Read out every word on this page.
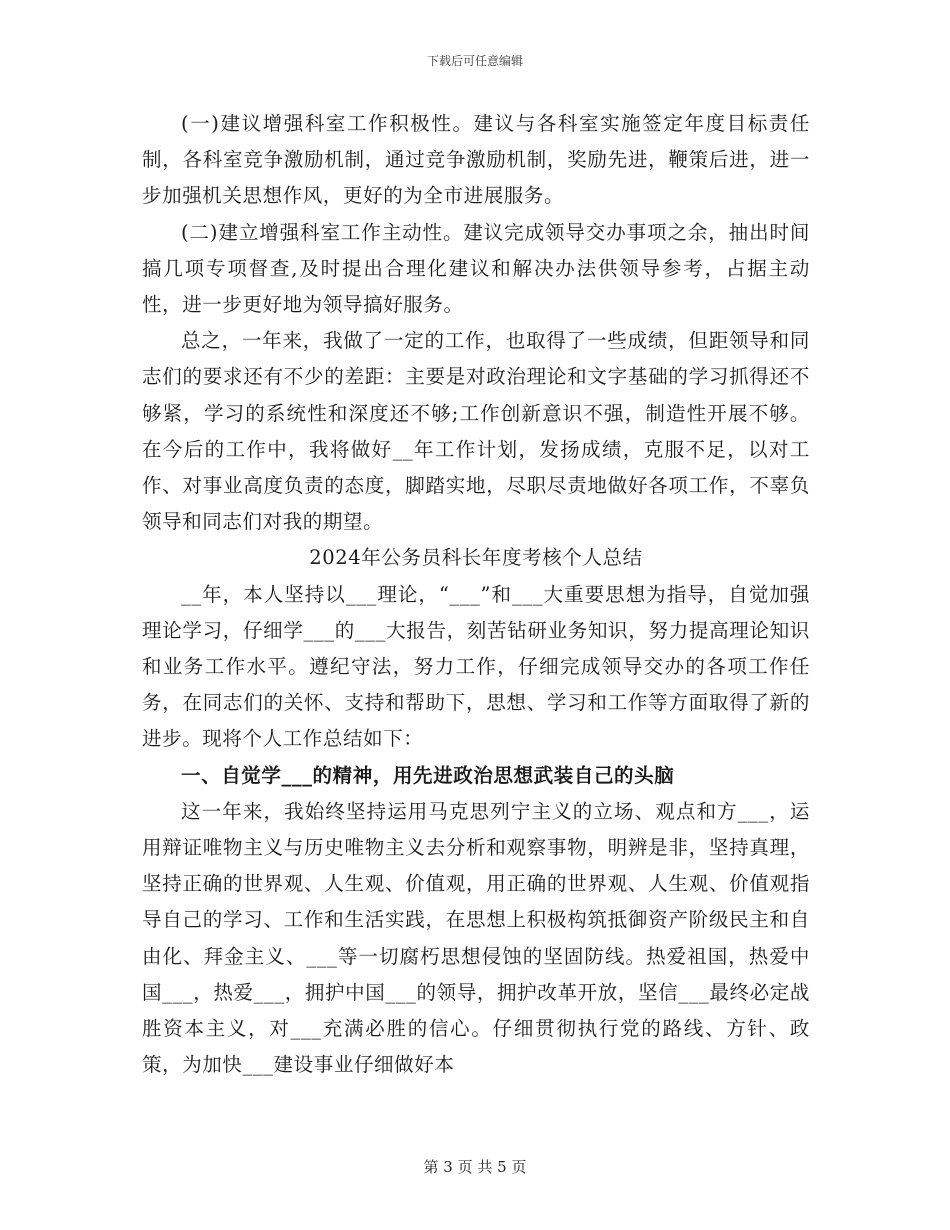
下载后可任意编辑

(一)建议增强科室工作积极性。建议与各科室实施签定年度目标责任制，各科室竞争激励机制，通过竞争激励机制，奖励先进，鞭策后进，进一步加强机关思想作风，更好的为全市进展服务。

(二)建立增强科室工作主动性。建议完成领导交办事项之余，抽出时间搞几项专项督查,及时提出合理化建议和解决办法供领导参考，占据主动性，进一步更好地为领导搞好服务。

总之，一年来，我做了一定的工作，也取得了一些成绩，但距领导和同志们的要求还有不少的差距：主要是对政治理论和文字基础的学习抓得还不够紧，学习的系统性和深度还不够;工作创新意识不强，制造性开展不够。在今后的工作中，我将做好__年工作计划，发扬成绩，克服不足，以对工作、对事业高度负责的态度，脚踏实地，尽职尽责地做好各项工作，不辜负领导和同志们对我的期望。

2024年公务员科长年度考核个人总结

__年，本人坚持以___理论，“___”和___大重要思想为指导，自觉加强理论学习，仔细学___的___大报告，刻苦钻研业务知识，努力提高理论知识和业务工作水平。遵纪守法，努力工作，仔细完成领导交办的各项工作任务，在同志们的关怀、支持和帮助下，思想、学习和工作等方面取得了新的进步。现将个人工作总结如下：

一、自觉学___的精神，用先进政治思想武装自己的头脑

这一年来，我始终坚持运用马克思列宁主义的立场、观点和方___，运用辩证唯物主义与历史唯物主义去分析和观察事物，明辨是非，坚持真理，坚持正确的世界观、人生观、价值观，用正确的世界观、人生观、价值观指导自己的学习、工作和生活实践，在思想上积极构筑抵御资产阶级民主和自由化、拜金主义、___等一切腐朽思想侵蚀的坚固防线。热爱祖国，热爱中国___，热爱___，拥护中国___的领导，拥护改革开放，坚信___最终必定战胜资本主义，对___充满必胜的信心。仔细贯彻执行党的路线、方针、政策，为加快___建设事业仔细做好本

第 3 页 共 5 页
